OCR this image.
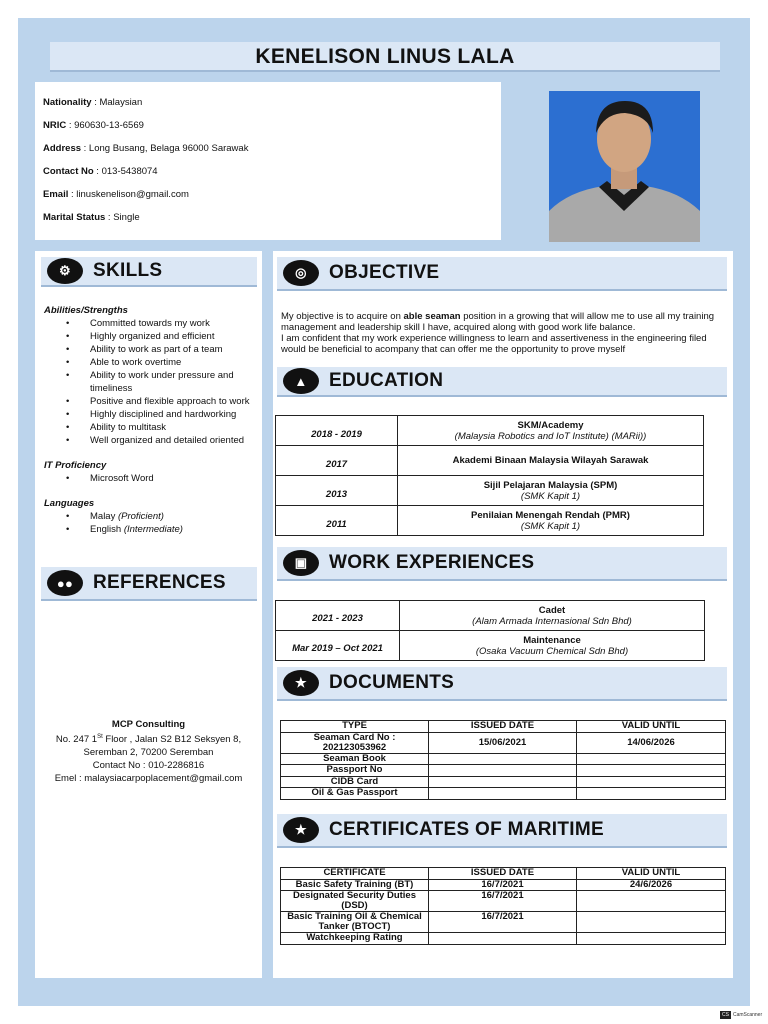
KENELISON LINUS LALA
Nationality : Malaysian
NRIC : 960630-13-6569
Address : Long Busang, Belaga 96000 Sarawak
Contact No : 013-5438074
Email : linuskenelison@gmail.com
Marital Status : Single
⚙	SKILLS
Abilities/Strengths
• Committed towards my work
• Highly organized and efficient
• Ability to work as part of a team
• Able to work overtime
• Ability to work under pressure and timeliness
• Positive and flexible approach to work
• Highly disciplined and hardworking
• Ability to multitask
• Well organized and detailed oriented
IT Proficiency
• Microsoft Word
Languages
• Malay (Proficient)
• English (Intermediate)
●●	REFERENCES
MCP Consulting
No. 247 1St Floor , Jalan S2 B12 Seksyen 8,
Seremban 2, 70200 Seremban
Contact No : 010-2286816
Emel : malaysiacarpoplacement@gmail.com
◎	OBJECTIVE
My objective is to acquire on able seaman position in a growing that will allow me to use all my training management and leadership skill I have, acquired along with good work life balance.
I am confident that my work experience willingness to learn and assertiveness in the engineering filed would be beneficial to acompany that can offer me the opportunity to prove myself
▲	EDUCATION
2018 - 2019	SKM/Academy
(Malaysia Robotics and IoT Institute) (MARii))

2017	Akademi Binaan Malaysia Wilayah Sarawak

2013	Sijil Pelajaran Malaysia (SPM)
(SMK Kapit 1)

2011	Penilaian Menengah Rendah (PMR)
(SMK Kapit 1)
▣	WORK EXPERIENCES
2021 - 2023	Cadet
(Alam Armada Internasional Sdn Bhd)

Mar 2019 – Oct 2021	Maintenance
(Osaka Vacuum Chemical Sdn Bhd)
★	DOCUMENTS
TYPE	ISSUED DATE	VALID UNTIL
Seaman Card No : 202123053962	15/06/2021	14/06/2026
Seaman Book		
Passport No		
CIDB Card		
Oil & Gas Passport		
★	CERTIFICATES OF MARITIME
CERTIFICATE	ISSUED DATE	VALID UNTIL
Basic Safety Training (BT)	16/7/2021	24/6/2026
Designated Security Duties (DSD)	16/7/2021	
Basic Training Oil & Chemical Tanker (BTOCT)	16/7/2021	
Watchkeeping Rating		
CS CamScanner
